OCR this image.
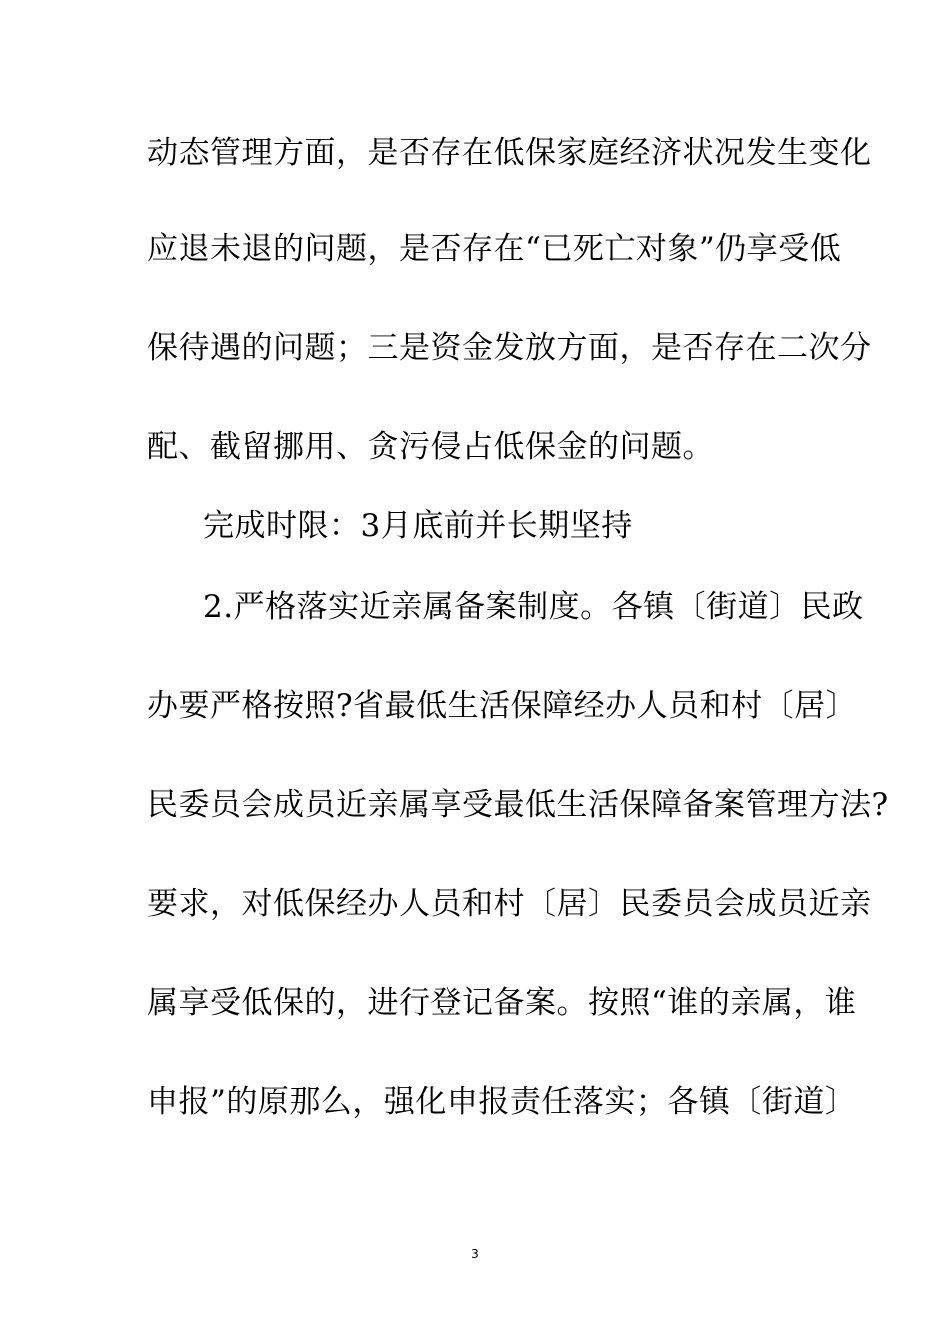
动态管理方面，是否存在低保家庭经济状况发生变化
应退未退的问题，是否存在“已死亡对象”仍享受低
保待遇的问题；三是资金发放方面，是否存在二次分
配、截留挪用、贪污侵占低保金的问题。
完成时限：3月底前并长期坚持
2.严格落实近亲属备案制度。各镇〔街道〕民政
办要严格按照?省最低生活保障经办人员和村〔居〕
民委员会成员近亲属享受最低生活保障备案管理方法?
要求，对低保经办人员和村〔居〕民委员会成员近亲
属享受低保的，进行登记备案。按照“谁的亲属，谁
申报”的原那么，强化申报责任落实；各镇〔街道〕
3
